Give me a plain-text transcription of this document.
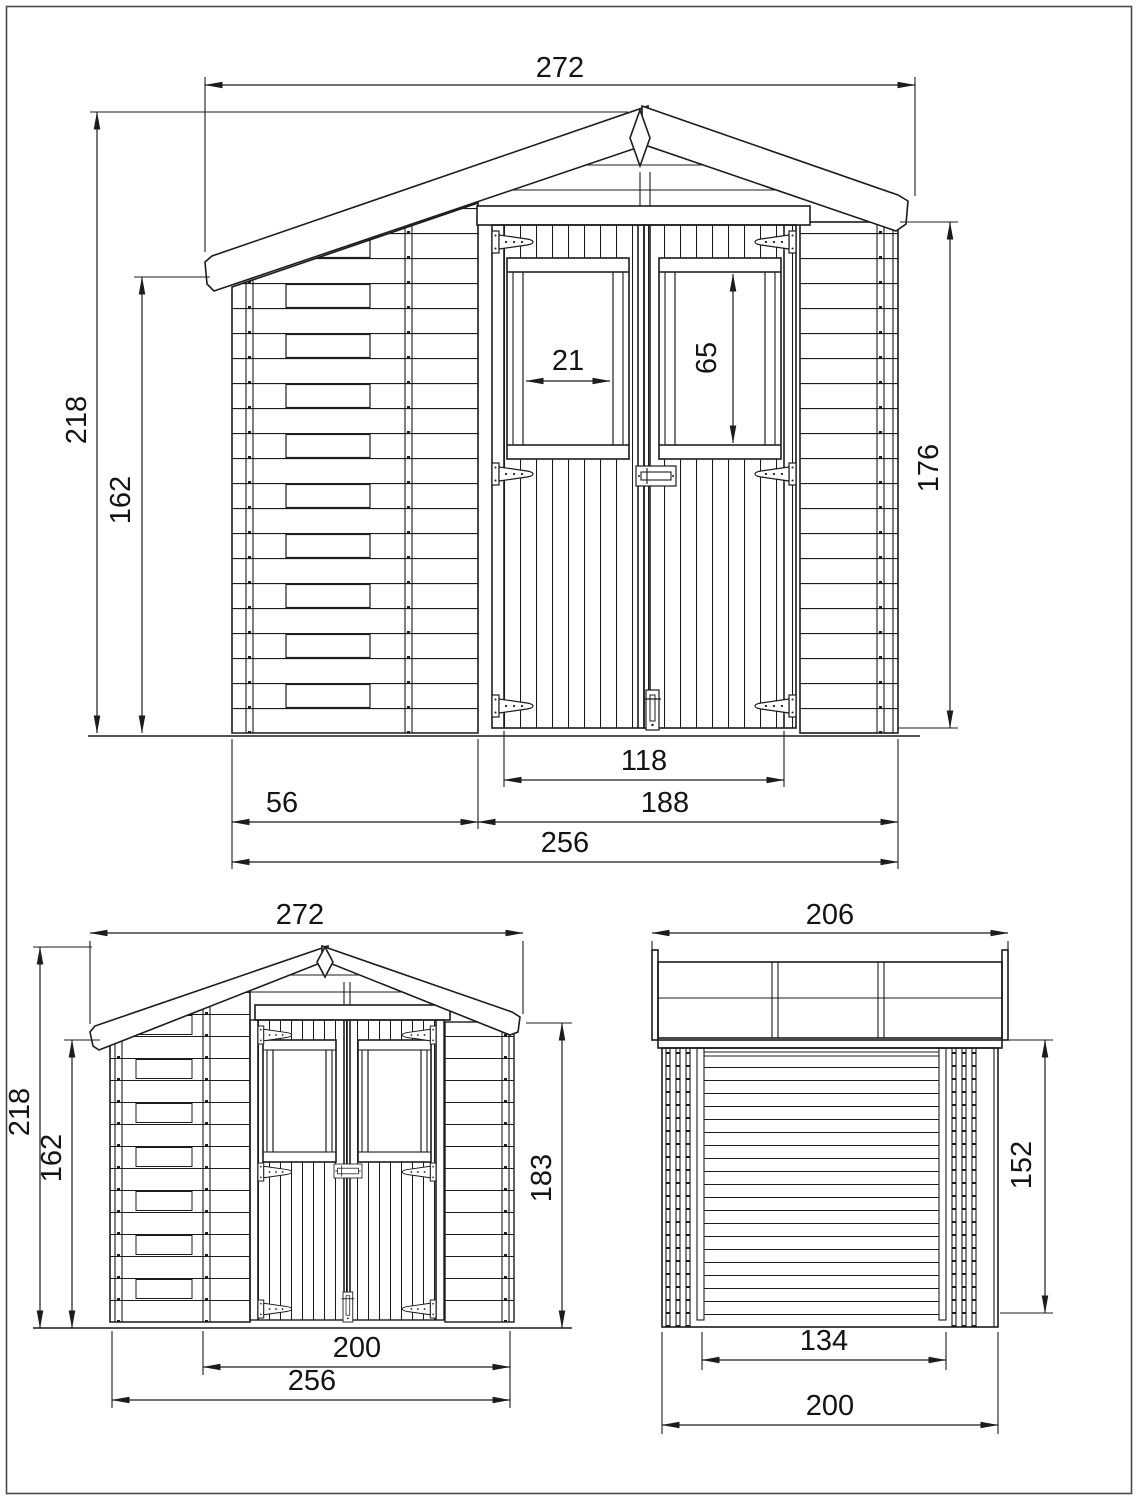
21	65
272
218
162
176
118
56	188
256
272
218
162	183
200
256
206
152
134
200
